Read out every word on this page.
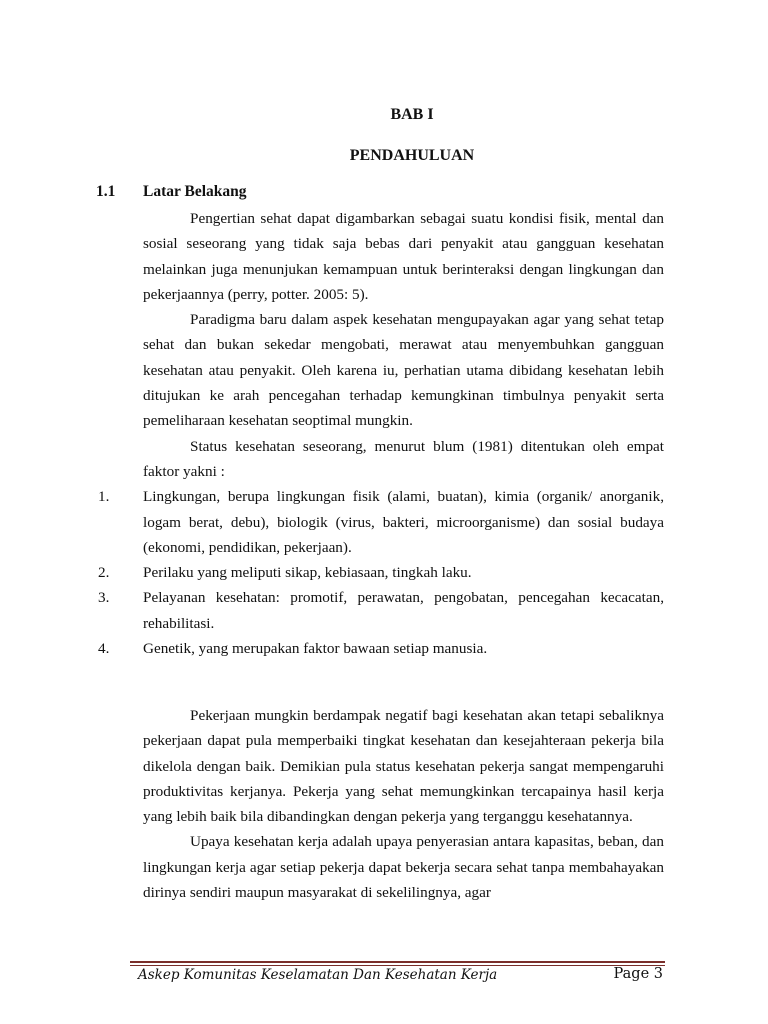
BAB I
PENDAHULUAN
1.1 Latar Belakang

Pengertian sehat dapat digambarkan sebagai suatu kondisi fisik, mental dan sosial seseorang yang tidak saja bebas dari penyakit atau gangguan kesehatan melainkan juga menunjukan kemampuan untuk berinteraksi dengan lingkungan dan pekerjaannya (perry, potter. 2005: 5).

Paradigma baru dalam aspek kesehatan mengupayakan agar yang sehat tetap sehat dan bukan sekedar mengobati, merawat atau menyembuhkan gangguan kesehatan atau penyakit. Oleh karena iu, perhatian utama dibidang kesehatan lebih ditujukan ke arah pencegahan terhadap kemungkinan timbulnya penyakit serta pemeliharaan kesehatan seoptimal mungkin.

Status kesehatan seseorang, menurut blum (1981) ditentukan oleh empat faktor yakni :

1. Lingkungan, berupa lingkungan fisik (alami, buatan), kimia (organik/ anorganik, logam berat, debu), biologik (virus, bakteri, microorganisme) dan sosial budaya (ekonomi, pendidikan, pekerjaan).
2. Perilaku yang meliputi sikap, kebiasaan, tingkah laku.
3. Pelayanan kesehatan: promotif, perawatan, pengobatan, pencegahan kecacatan, rehabilitasi.
4. Genetik, yang merupakan faktor bawaan setiap manusia.

Pekerjaan mungkin berdampak negatif bagi kesehatan akan tetapi sebaliknya pekerjaan dapat pula memperbaiki tingkat kesehatan dan kesejahteraan pekerja bila dikelola dengan baik. Demikian pula status kesehatan pekerja sangat mempengaruhi produktivitas kerjanya. Pekerja yang sehat memungkinkan tercapainya hasil kerja yang lebih baik bila dibandingkan dengan pekerja yang terganggu kesehatannya.

Upaya kesehatan kerja adalah upaya penyerasian antara kapasitas, beban, dan lingkungan kerja agar setiap pekerja dapat bekerja secara sehat tanpa membahayakan dirinya sendiri maupun masyarakat di sekelilingnya, agar

Askep Komunitas Keselamatan Dan Kesehatan Kerja	Page 3
